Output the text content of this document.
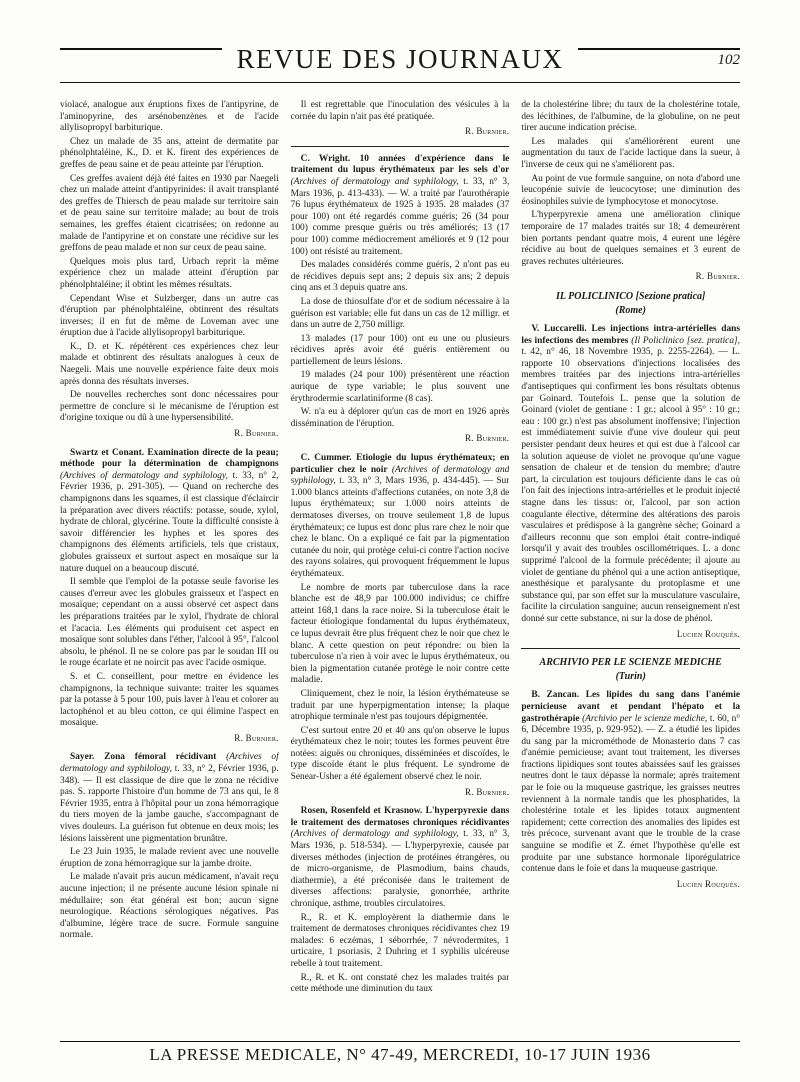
REVUE DES JOURNAUX	102

violacé, analogue aux éruptions fixes de l'antipyrine, de l'aminopyrine, des arsénobenzènes et de l'acide allylisopropyl barbiturique.

Chez un malade de 35 ans, atteint de dermatite par phénolphtaléine, K., D. et K. firent des expériences de greffes de peau saine et de peau atteinte par l'éruption.

Ces greffes avaient déjà été faites en 1930 par Naegeli chez un malade atteint d'antipyrinides: il avait transplanté des greffes de Thiersch de peau malade sur territoire sain et de peau saine sur territoire malade; au bout de trois semaines, les greffes étaient cicatrisées; on redonne au malade de l'antipyrine et on constate une récidive sur les greffons de peau malade et non sur ceux de peau saine.

Quelques mois plus tard, Urbach reprit la même expérience chez un malade atteint d'éruption par phénolphtaléine; il obtint les mêmes résultats.

Cependant Wise et Sulzberger, dans un autre cas d'éruption par phénolphtaléine, obtinrent des résultats inverses; il en fut de même de Loveman avec une éruption due à l'acide allylisopropyl barbiturique.

K., D. et K. répétèrent ces expériences chez leur malade et obtinrent des résultats analogues à ceux de Naegeli. Mais une nouvelle expérience faite deux mois après donna des résultats inverses.

De nouvelles recherches sont donc nécessaires pour permettre de conclure si le mécanisme de l'éruption est d'origine toxique ou dû à une hypersensibilité.

R. Burnier.

Swartz et Conant. Examination directe de la peau; méthode pour la détermination de champignons (Archives of dermatology and syphilology, t. 33, n° 2, Février 1936, p. 291-305). — Quand on recherche des champignons dans les squames, il est classique d'éclaircir la préparation avec divers réactifs: potasse, soude, xylol, hydrate de chloral, glycérine. Toute la difficulté consiste à savoir différencier les hyphes et les spores des champignons des éléments artificiels, tels que cristaux, globules graisseux et surtout aspect en mosaïque sur la nature duquel on a beaucoup discuté.

Il semble que l'emploi de la potasse seule favorise les causes d'erreur avec les globules graisseux et l'aspect en mosaïque; cependant on a aussi observé cet aspect dans les préparations traitées par le xylol, l'hydrate de chloral et l'acacia. Les éléments qui produisent cet aspect en mosaïque sont solubles dans l'éther, l'alcool à 95°, l'alcool absolu, le phénol. Il ne se colore pas par le soudan III ou le rouge écarlate et ne noircit pas avec l'acide osmique.

S. et C. conseillent, pour mettre en évidence les champignons, la technique suivante: traiter les squames par la potasse à 5 pour 100, puis laver à l'eau et colorer au lactophénol et au bleu cotton, ce qui élimine l'aspect en mosaïque.

R. Burnier.

Sayer. Zona fémoral récidivant (Archives of dermatology and syphilology, t. 33, n° 2, Février 1936, p. 348). — Il est classique de dire que le zona ne récidive pas. S. rapporte l'histoire d'un homme de 73 ans qui, le 8 Février 1935, entra à l'hôpital pour un zona hémorragique du tiers moyen de la jambe gauche, s'accompagnant de vives douleurs. La guérison fut obtenue en deux mois; les lésions laissèrent une pigmentation brunâtre.

Le 23 Juin 1935, le malade revient avec une nouvelle éruption de zona hémorragique sur la jambe droite.

Le malade n'avait pris aucun médicament, n'avait reçu aucune injection; il ne présente aucune lésion spinale ni médullaire; son état général est bon; aucun signe neurologique. Réactions sérologiques négatives. Pas d'albumine, légère trace de sucre. Formule sanguine normale.

Il est regrettable que l'inoculation des vésicules à la cornée du lapin n'ait pas été pratiquée.

R. Burnier.

C. Wright. 10 années d'expérience dans le traitement du lupus érythémateux par les sels d'or (Archives of dermatology and syphilology, t. 33, n° 3, Mars 1936, p. 413-433). — W. a traité par l'aurothérapie 76 lupus érythémateux de 1925 à 1935. 28 malades (37 pour 100) ont été regardés comme guéris; 26 (34 pour 100) comme presque guéris ou très améliorés; 13 (17 pour 100) comme médiocrement améliorés et 9 (12 pour 100) ont résisté au traitement.

Des malades considérés comme guéris, 2 n'ont pas eu de récidives depuis sept ans; 2 depuis six ans; 2 depuis cinq ans et 3 depuis quatre ans.

La dose de thiosulfate d'or et de sodium nécessaire à la guérison est variable; elle fut dans un cas de 12 milligr. et dans un autre de 2,750 milligr.

13 malades (17 pour 100) ont eu une ou plusieurs récidives après avoir été guéris entièrement ou partiellement de leurs lésions.

19 malades (24 pour 100) présentèrent une réaction aurique de type variable; le plus souvent une érythrodermie scarlatiniforme (8 cas).

W. n'a eu à déplorer qu'un cas de mort en 1926 après dissémination de l'éruption.

R. Burnier.

C. Cummer. Etiologie du lupus érythémateux; en particulier chez le noir (Archives of dermatology and syphilology, t. 33, n° 3, Mars 1936, p. 434-445). — Sur 1.000 blancs atteints d'affections cutanées, on note 3,8 de lupus érythémateux; sur 1.000 noirs atteints de dermatoses diverses, on trouve seulement 1,8 de lupus érythémateux; ce lupus est donc plus rare chez le noir que chez le blanc. On a expliqué ce fait par la pigmentation cutanée du noir, qui protège celui-ci contre l'action nocive des rayons solaires, qui provoquent fréquemment le lupus érythémateux.

Le nombre de morts par tuberculose dans la race blanche est de 48,9 par 100.000 individus; ce chiffre atteint 168,1 dans la race noire. Si la tuberculose était le facteur étiologique fondamental du lupus érythémateux, ce lupus devrait être plus fréquent chez le noir que chez le blanc. A cette question on peut répondre: ou bien la tuberculose n'a rien à voir avec le lupus érythémateux, ou bien la pigmentation cutanée protège le noir contre cette maladie.

Cliniquement, chez le noir, la lésion érythémateuse se traduit par une hyperpigmentation intense; la plaque atrophique terminale n'est pas toujours dépigmentée.

C'est surtout entre 20 et 40 ans qu'on observe le lupus érythémateux chez le noir; toutes les formes peuvent être notées: aiguës ou chroniques, disséminées et discoïdes, le type discoïde étant le plus fréquent. Le syndrome de Senear-Usher a été également observé chez le noir.

R. Burnier.

Rosen, Rosenfeld et Krasnow. L'hyperpyrexie dans le traitement des dermatoses chroniques récidivantes (Archives of dermatology and syphilology, t. 33, n° 3, Mars 1936, p. 518-534). — L'hyperpyrexie, causée par diverses méthodes (injection de protéines étrangères, ou de micro-organisme, de Plasmodium, bains chauds, diathermie), a été préconisée dans le traitement de diverses affections: paralysie, gonorrhée, arthrite chronique, asthme, troubles circulatoires.

R., R. et K. employèrent la diathermie dans le traitement de dermatoses chroniques récidivantes chez 19 malades: 6 eczémas, 1 séborrhée, 7 névrodermites, 1 urticaire, 1 psoriasis, 2 Duhring et 1 syphilis ulcéreuse rebelle à tout traitement.

R., R. et K. ont constaté chez les malades traités par cette méthode une diminution du taux

de la cholestérine libre; du taux de la cholestérine totale, des lécithines, de l'albumine, de la globuline, on ne peut tirer aucune indication précise.

Les malades qui s'améliorèrent eurent une augmentation du taux de l'acide lactique dans la sueur, à l'inverse de ceux qui ne s'améliorent pas.

Au point de vue formule sanguine, on nota d'abord une leucopénie suivie de leucocytose; une diminution des éosinophiles suivie de lymphocytose et monocytose.

L'hyperpyrexie amena une amélioration clinique temporaire de 17 malades traités sur 18; 4 demeurèrent bien portants pendant quatre mois, 4 eurent une légère récidive au bout de quelques semaines et 3 eurent de graves rechutes ultérieures.

R. Burnier.
IL POLICLINICO [Sezione pratica]
(Rome)

V. Luccarelli. Les injections intra-artérielles dans les infections des membres (Il Policlinico [sez. pratica], t. 42, n° 46, 18 Novembre 1935, p. 2255-2264). — L. rapporte 10 observations d'injections localisées des membres traitées par des injections intra-artérielles d'antiseptiques qui confirment les bons résultats obtenus par Goinard. Toutefois L. pense que la solution de Goinard (violet de gentiane : 1 gr.; alcool à 95° : 10 gr.; eau : 100 gr.) n'est pas absolument inoffensive; l'injection est immédiatement suivie d'une vive douleur qui peut persister pendant deux heures et qui est due à l'alcool car la solution aqueuse de violet ne provoque qu'une vague sensation de chaleur et de tension du membre; d'autre part, la circulation est toujours déficiente dans le cas où l'on fait des injections intra-artérielles et le produit injecté stagne dans les tissus: or, l'alcool, par son action coagulante élective, détermine des altérations des parois vasculaires et prédispose à la gangrène sèche; Goinard a d'ailleurs reconnu que son emploi était contre-indiqué lorsqu'il y avait des troubles oscillométriques. L. a donc supprimé l'alcool de la formule précédente; il ajoute au violet de gentiane du phénol qui a une action antiseptique, anesthésique et paralysante du protoplasme et une substance qui, par son effet sur la musculature vasculaire, facilite la circulation sanguine; aucun renseignement n'est donné sur cette substance, ni sur la dose de phénol.

Lucien Rouquès.
ARCHIVIO PER LE SCIENZE MEDICHE
(Turin)

B. Zancan. Les lipides du sang dans l'anémie pernicieuse avant et pendant l'hépato et la gastrothérapie (Archivio per le scienze mediche, t. 60, n° 6, Décembre 1935, p. 929-952). — Z. a étudié les lipides du sang par la microméthode de Monasterio dans 7 cas d'anémie pernicieuse; avant tout traitement, les diverses fractions lipidiques sont toutes abaissées sauf les graisses neutres dont le taux dépasse la normale; après traitement par le foie ou la muqueuse gastrique, les graisses neutres reviennent à la normale tandis que les phosphatides, la cholestérine totale et les lipides totaux augmentent rapidement; cette correction des anomalies des lipides est très précoce, survenant avant que le trouble de la crase sanguine se modifie et Z. émet l'hypothèse qu'elle est produite par une substance hormonale liporégulatrice contenue dans le foie et dans la muqueuse gastrique.

Lucien Rouquès.
LA PRESSE MEDICALE, N° 47-49, MERCREDI, 10-17 JUIN 1936
